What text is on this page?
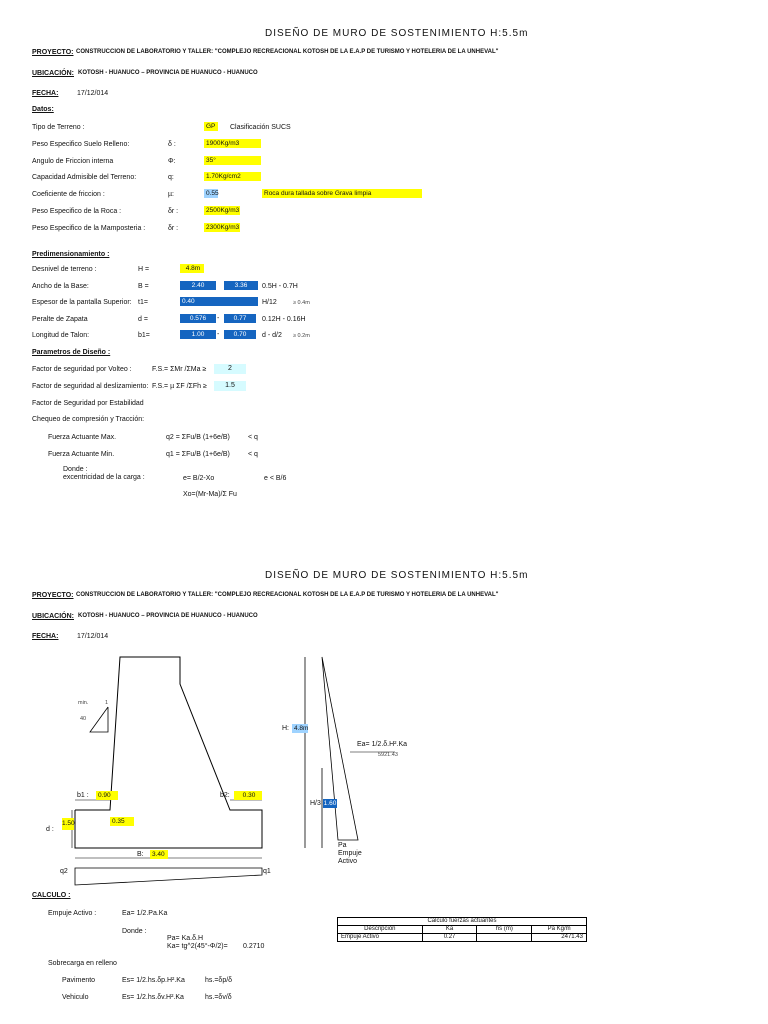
DISEÑO DE MURO DE SOSTENIMIENTO H:5.5m
PROYECTO: CONSTRUCCION DE LABORATORIO Y TALLER: "COMPLEJO RECREACIONAL KOTOSH DE LA E.A.P DE TURISMO Y HOTELERIA DE LA UNHEVAL"
UBICACIÓN: KOTOSH - HUANUCO – PROVINCIA DE HUANUCO - HUANUCO
FECHA:	17/12/014
Datos:
Tipo de Terreno :	GP	Clasificación SUCS
Peso Especifico Suelo Relleno:	δ :	1900Kg/m3
Angulo de Friccion interna	Φ:	35°
Capacidad Admisible del Terreno:	q:	1.70Kg/cm2
Coeficiente de friccion :	µ:	0.55	Roca dura tallada sobre Grava limpia
Peso Especifico de la Roca :	δr :	2500Kg/m3
Peso Especifico de la Mamposteria :	δr :	2300Kg/m3
Predimensionamiento :
Desnivel de terreno :	H =	4.8m
Ancho de la Base:	B =	2.40	3.36	0.5H - 0.7H
Espesor de la pantalla Superior: t1=	0.40	H/12	≥ 0.4m
Peralte de Zapata	d =	0.576	-	0.77	0.12H - 0.16H
Longitud de Talon:	b1=	1.00	-	0.70	d - d/2 ≥ 0.2m
Parametros de Diseño :
Factor de seguridad por Volteo :	F.S.= ΣMr /ΣMa ≥	2
Factor de seguridad al deslizamiento: F.S.= µ ΣF /ΣFh ≥	1.5
Factor de Seguridad por Estabilidad
Chequeo de compresión y Tracción:
Fuerza Actuante Max.	q2 = ΣFu/B (1+6e/B)	< q
Fuerza Actuante Min.	q1 = ΣFu/B (1+6e/B)	< q
Donde :
excentricidad de la carga :	e= B/2-Xo	e < B/6
Xo=(Mr-Ma)/Σ Fu
DISEÑO DE MURO DE SOSTENIMIENTO H:5.5m
PROYECTO: CONSTRUCCION DE LABORATORIO Y TALLER: "COMPLEJO RECREACIONAL KOTOSH DE LA E.A.P DE TURISMO Y HOTELERIA DE LA UNHEVAL"
UBICACIÓN: KOTOSH - HUANUCO – PROVINCIA DE HUANUCO - HUANUCO
FECHA:	17/12/014
min.	1
40
b1 :	0.90	b2:	0.30
d :
1.50	0.35
B:	3.40
q2	q1
H: 4.8m
H/3 1.60
Ea= 1/2.δ.H².Ka
5921.43
Pa
Empuje
Activo
CALCULO :
Empuje Activo :	Ea= 1/2.Pa.Ka
Donde :
Pa= Ka.δ.H
Ka= tg^2(45°-Φ/2)= 0.2710
Sobrecarga en relleno
Pavimento	Es= 1/2.hs.δp.H².Ka	hs.=δp/δ
Vehiculo	Es= 1/2.hs.δv.H².Ka	hs.=δv/δ
Calculo fuerzas actuantes			
Descripción	Ka	hs (m)	Pa Kg/m
Empuje Activo	0.27		2471.43
